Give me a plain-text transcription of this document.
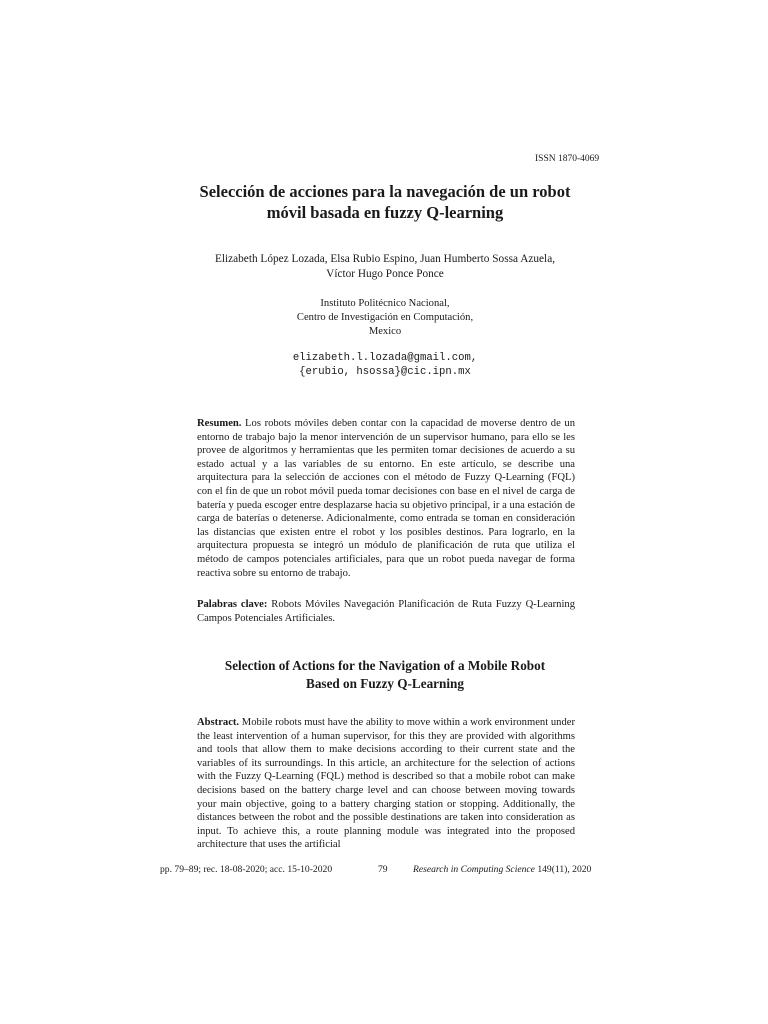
ISSN 1870-4069
Selección de acciones para la navegación de un robot
móvil basada en fuzzy Q-learning
Elizabeth López Lozada, Elsa Rubio Espino, Juan Humberto Sossa Azuela,
Víctor Hugo Ponce Ponce
Instituto Politécnico Nacional,
Centro de Investigación en Computación,
Mexico
elizabeth.l.lozada@gmail.com,
{erubio, hsossa}@cic.ipn.mx
Resumen. Los robots móviles deben contar con la capacidad de moverse dentro de un entorno de trabajo bajo la menor intervención de un supervisor humano, para ello se les provee de algoritmos y herramientas que les permiten tomar decisiones de acuerdo a su estado actual y a las variables de su entorno. En este artículo, se describe una arquitectura para la selección de acciones con el método de Fuzzy Q-Learning (FQL) con el fin de que un robot móvil pueda tomar decisiones con base en el nivel de carga de batería y pueda escoger entre desplazarse hacia su objetivo principal, ir a una estación de carga de baterías o detenerse. Adicionalmente, como entrada se toman en consideración las distancias que existen entre el robot y los posibles destinos. Para lograrlo, en la arquitectura propuesta se integró un módulo de planificación de ruta que utiliza el método de campos potenciales artificiales, para que un robot pueda navegar de forma reactiva sobre su entorno de trabajo.
Palabras clave: Robots Móviles Navegación Planificación de Ruta Fuzzy Q-Learning Campos Potenciales Artificiales.
Selection of Actions for the Navigation of a Mobile Robot
Based on Fuzzy Q-Learning
Abstract. Mobile robots must have the ability to move within a work environment under the least intervention of a human supervisor, for this they are provided with algorithms and tools that allow them to make decisions according to their current state and the variables of its surroundings. In this article, an architecture for the selection of actions with the Fuzzy Q-Learning (FQL) method is described so that a mobile robot can make decisions based on the battery charge level and can choose between moving towards your main objective, going to a battery charging station or stopping. Additionally, the distances between the robot and the possible destinations are taken into consideration as input. To achieve this, a route planning module was integrated into the proposed architecture that uses the artificial
pp. 79–89; rec. 18-08-2020; acc. 15-10-2020	79	Research in Computing Science 149(11), 2020
